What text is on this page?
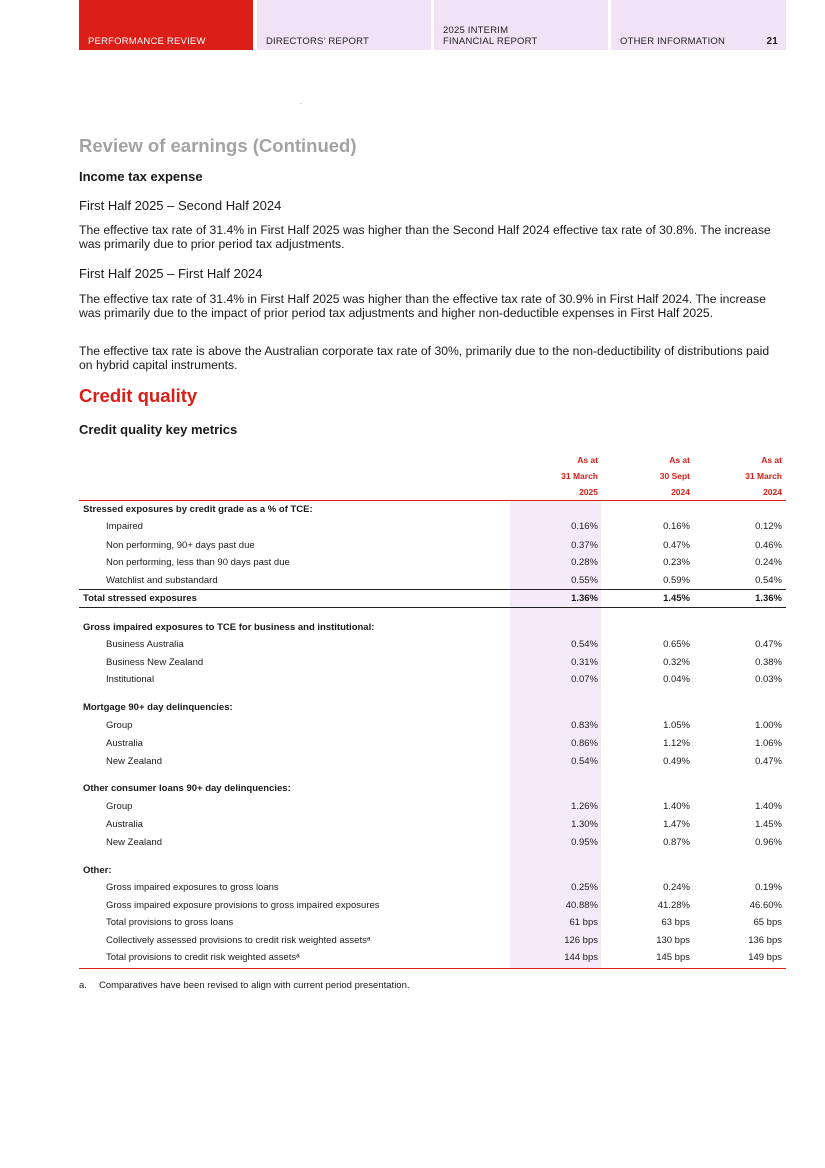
PERFORMANCE REVIEW	DIRECTORS’ REPORT
2025 INTERIM
FINANCIAL REPORT	OTHER INFORMATION	21
.
Review of earnings (Continued)
Income tax expense
First Half 2025 – Second Half 2024
The effective tax rate of 31.4% in First Half 2025 was higher than the Second Half 2024 effective tax rate of 30.8%. The increase was primarily due to prior period tax adjustments.
First Half 2025 – First Half 2024
The effective tax rate of 31.4% in First Half 2025 was higher than the effective tax rate of 30.9% in First Half 2024. The increase was primarily due to the impact of prior period tax adjustments and higher non-deductible expenses in First Half 2025.
The effective tax rate is above the Australian corporate tax rate of 30%, primarily due to the non-deductibility of distributions paid on hybrid capital instruments.
Credit quality
Credit quality key metrics
As at
31 March
2025
As at
30 Sept
2024
As at
31 March
2024
Stressed exposures by credit grade as a % of TCE:
Impaired	0.16%	0.16%	0.12%
Non performing, 90+ days past due	0.37%	0.47%	0.46%
Non performing, less than 90 days past due	0.28%	0.23%	0.24%
Watchlist and substandard	0.55%	0.59%	0.54%
Total stressed exposures	1.36%	1.45%	1.36%
Gross impaired exposures to TCE for business and institutional:
Business Australia	0.54%	0.65%	0.47%
Business New Zealand	0.31%	0.32%	0.38%
Institutional	0.07%	0.04%	0.03%
Mortgage 90+ day delinquencies:
Group	0.83%	1.05%	1.00%
Australia	0.86%	1.12%	1.06%
New Zealand	0.54%	0.49%	0.47%
Other consumer loans 90+ day delinquencies:
Group	1.26%	1.40%	1.40%
Australia	1.30%	1.47%	1.45%
New Zealand	0.95%	0.87%	0.96%
Other:
Gross impaired exposures to gross loans	0.25%	0.24%	0.19%
Gross impaired exposure provisions to gross impaired exposures	40.88%	41.28%	46.60%
Total provisions to gross loans	61 bps	63 bps	65 bps
Collectively assessed provisions to credit risk weighted assetsᵃ	126 bps	130 bps	136 bps
Total provisions to credit risk weighted assetsᵃ	144 bps	145 bps	149 bps
a. Comparatives have been revised to align with current period presentation.
